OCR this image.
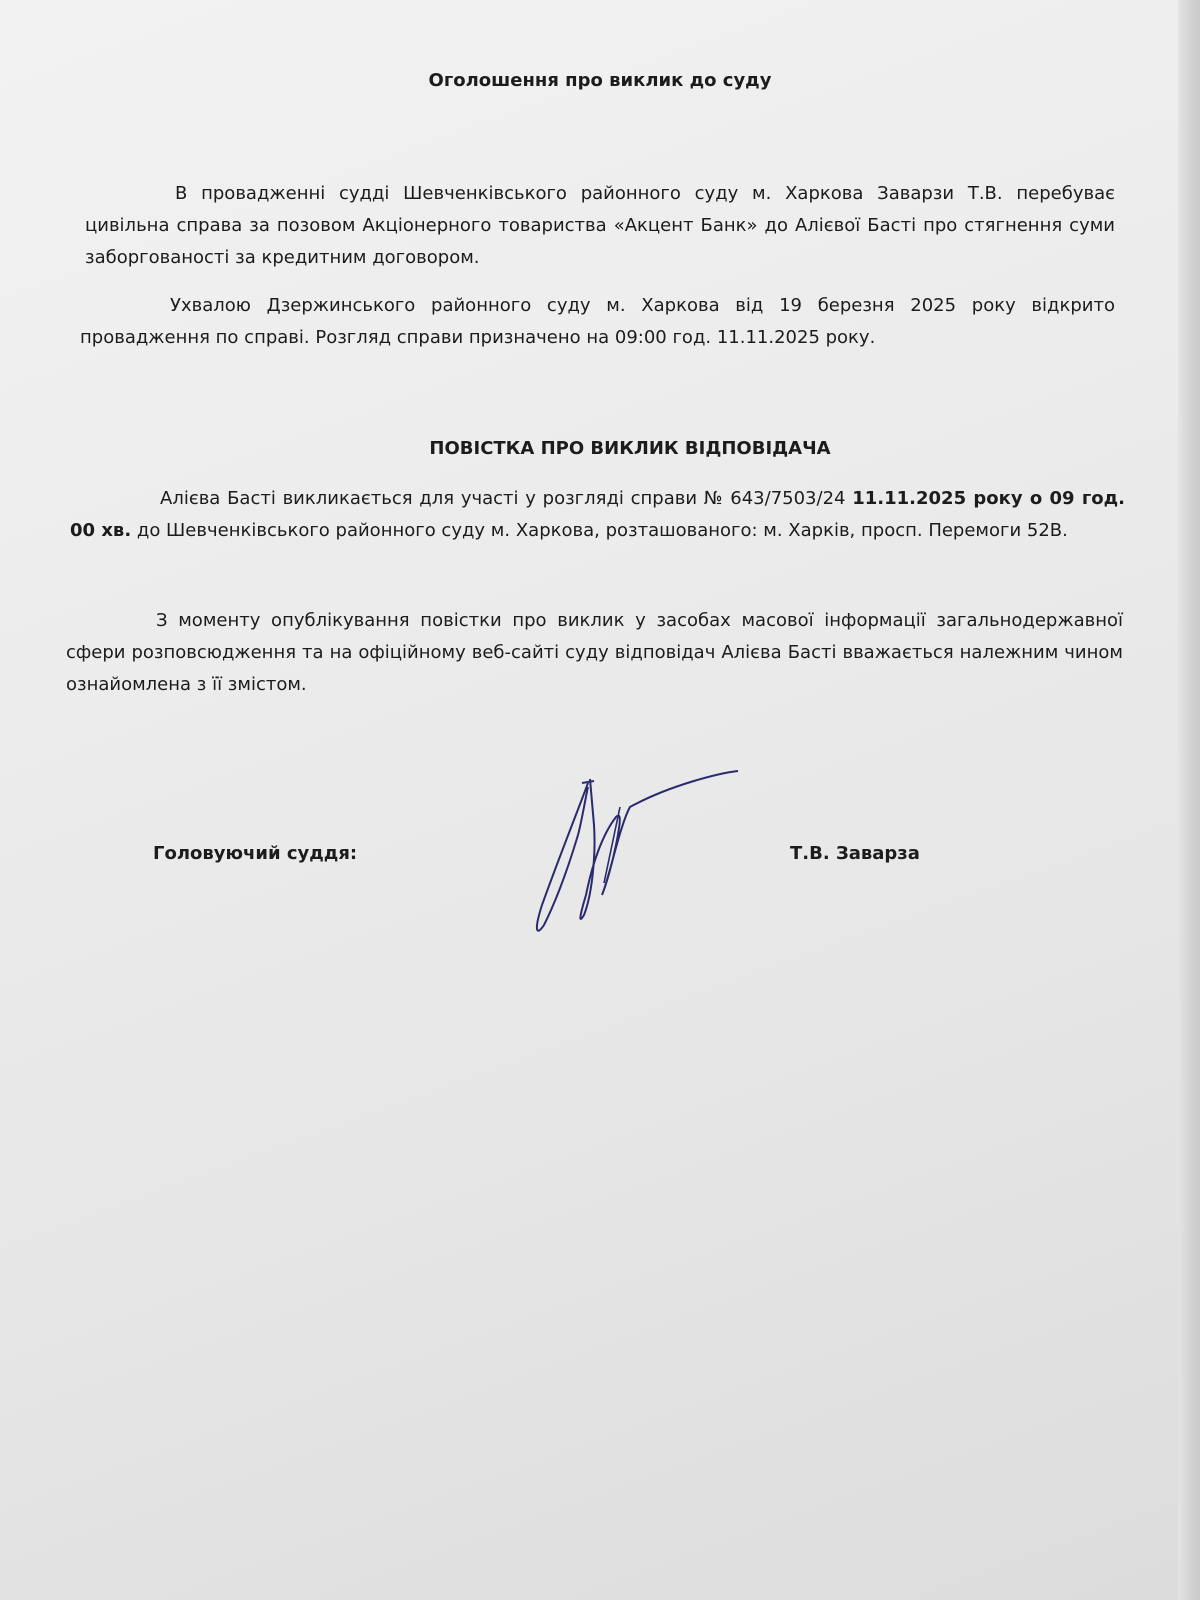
Оголошення про виклик до суду

В провадженні судді Шевченківського районного суду м. Харкова Заварзи Т.В. перебуває цивільна справа за позовом Акціонерного товариства «Акцент Банк» до Алієвої Басті про стягнення суми заборгованості за кредитним договором.

Ухвалою Дзержинського районного суду м. Харкова від 19 березня 2025 року відкрито провадження по справі. Розгляд справи призначено на 09:00 год. 11.11.2025 року.

ПОВІСТКА ПРО ВИКЛИК ВІДПОВІДАЧА

Алієва Басті викликається для участі у розгляді справи № 643/7503/24 11.11.2025 року о 09 год. 00 хв. до Шевченківського районного суду м. Харкова, розташованого: м. Харків, просп. Перемоги 52В.

З моменту опублікування повістки про виклик у засобах масової інформації загальнодержавної сфери розповсюдження та на офіційному веб-сайті суду відповідач Алієва Басті вважається належним чином ознайомлена з її змістом.

Головуючий суддя:	Т.В. Заварза
